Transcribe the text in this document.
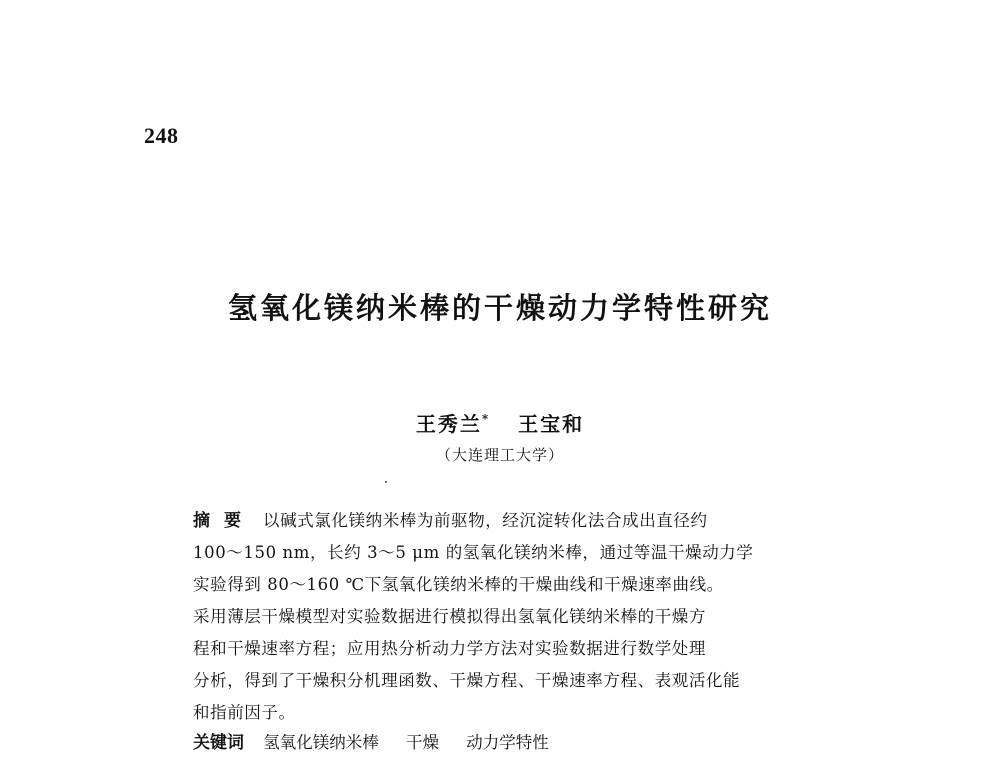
248
氢氧化镁纳米棒的干燥动力学特性研究
王秀兰* 王宝和
（大连理工大学）
摘要 以碱式氯化镁纳米棒为前驱物，经沉淀转化法合成出直径约
100～150 nm，长约 3～5 μm 的氢氧化镁纳米棒，通过等温干燥动力学
实验得到 80～160 ℃下氢氧化镁纳米棒的干燥曲线和干燥速率曲线。
采用薄层干燥模型对实验数据进行模拟得出氢氧化镁纳米棒的干燥方
程和干燥速率方程；应用热分析动力学方法对实验数据进行数学处理
分析，得到了干燥积分机理函数、干燥方程、干燥速率方程、表观活化能
和指前因子。
关键词 氢氧化镁纳米棒 干燥 动力学特性
